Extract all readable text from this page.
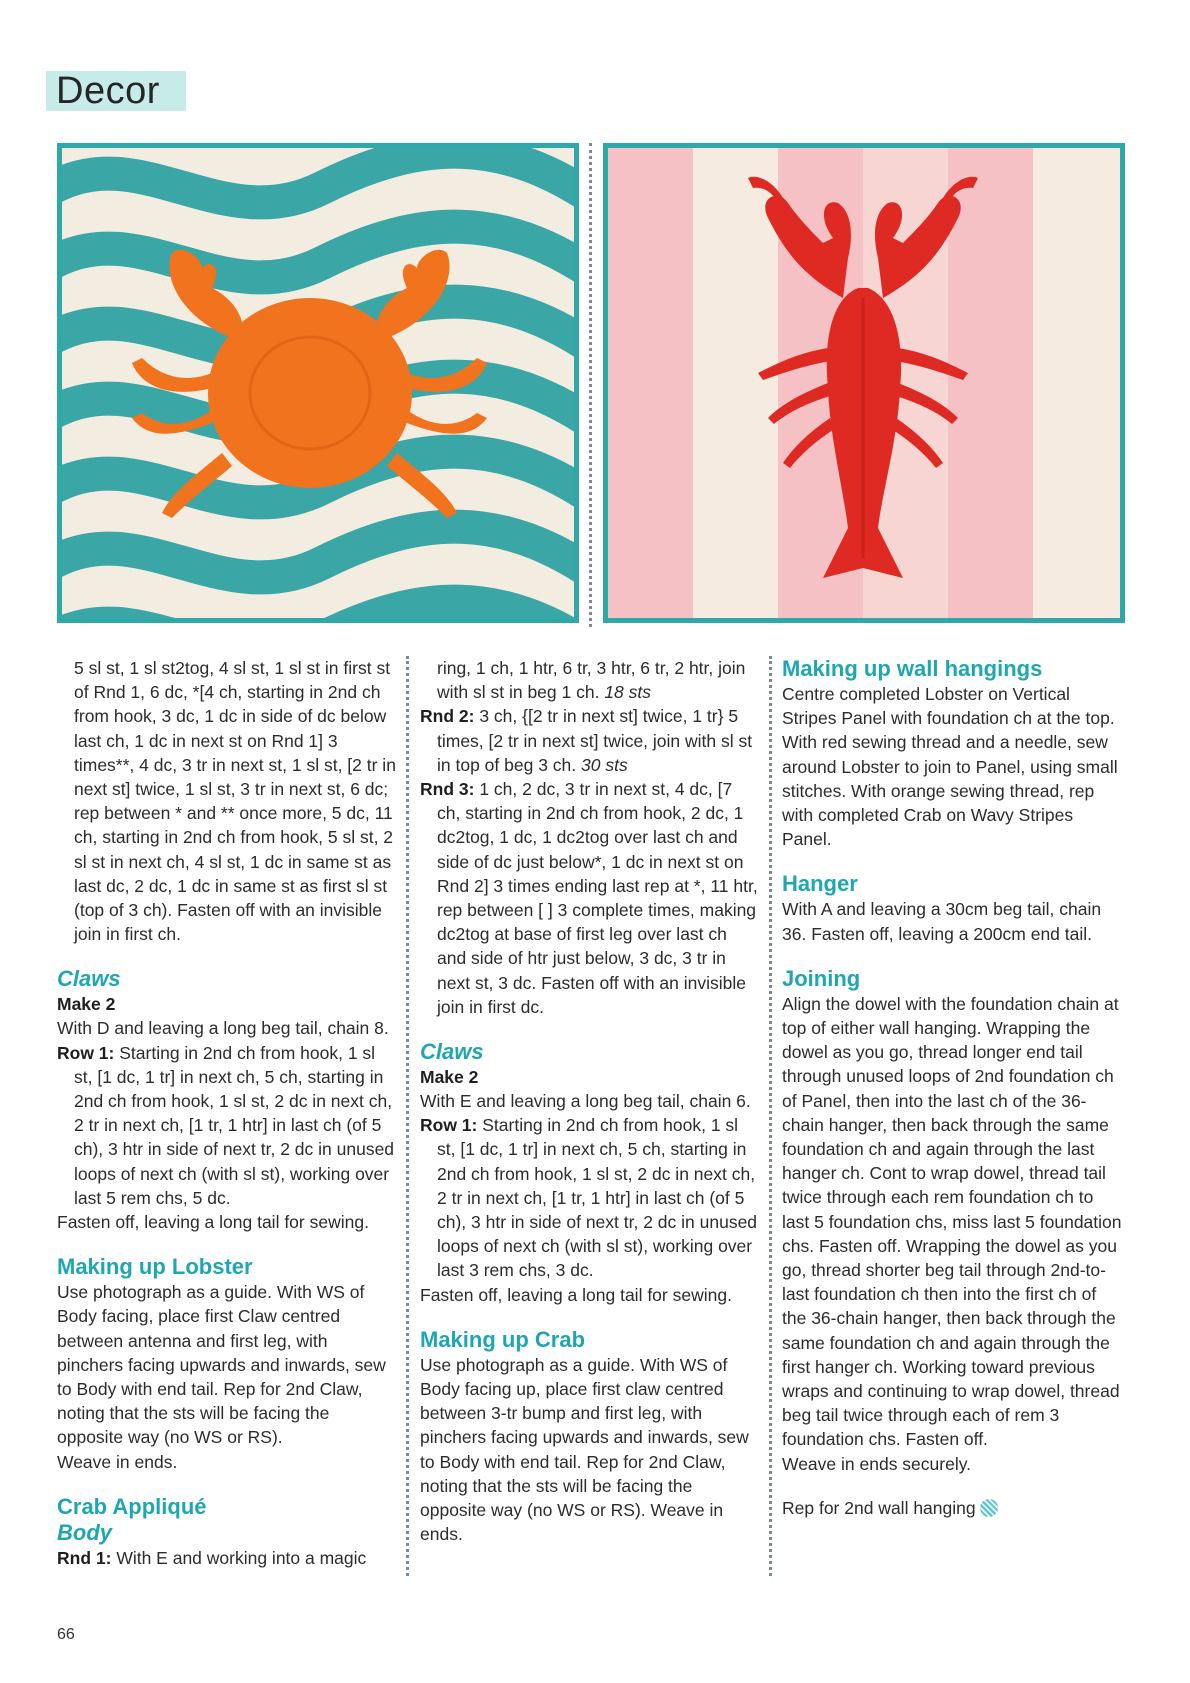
Decor

5 sl st, 1 sl st2tog, 4 sl st, 1 sl st in first st of Rnd 1, 6 dc, *[4 ch, starting in 2nd ch from hook, 3 dc, 1 dc in side of dc below last ch, 1 dc in next st on Rnd 1] 3 times**, 4 dc, 3 tr in next st, 1 sl st, [2 tr in next st] twice, 1 sl st, 3 tr in next st, 6 dc; rep between * and ** once more, 5 dc, 11 ch, starting in 2nd ch from hook, 5 sl st, 2 sl st in next ch, 4 sl st, 1 dc in same st as last dc, 2 dc, 1 dc in same st as first sl st (top of 3 ch). Fasten off with an invisible join in first ch.

Claws
Make 2

With D and leaving a long beg tail, chain 8.

Row 1: Starting in 2nd ch from hook, 1 sl st, [1 dc, 1 tr] in next ch, 5 ch, starting in 2nd ch from hook, 1 sl st, 2 dc in next ch, 2 tr in next ch, [1 tr, 1 htr] in last ch (of 5 ch), 3 htr in side of next tr, 2 dc in unused loops of next ch (with sl st), working over last 5 rem chs, 5 dc.

Fasten off, leaving a long tail for sewing.

Making up Lobster

Use photograph as a guide. With WS of Body facing, place first Claw centred between antenna and first leg, with pinchers facing upwards and inwards, sew to Body with end tail. Rep for 2nd Claw, noting that the sts will be facing the opposite way (no WS or RS).

Weave in ends.

Crab Appliqué
Body

Rnd 1: With E and working into a magic

ring, 1 ch, 1 htr, 6 tr, 3 htr, 6 tr, 2 htr, join with sl st in beg 1 ch. 18 sts

Rnd 2: 3 ch, {[2 tr in next st] twice, 1 tr} 5 times, [2 tr in next st] twice, join with sl st in top of beg 3 ch. 30 sts

Rnd 3: 1 ch, 2 dc, 3 tr in next st, 4 dc, [7 ch, starting in 2nd ch from hook, 2 dc, 1 dc2tog, 1 dc, 1 dc2tog over last ch and side of dc just below*, 1 dc in next st on Rnd 2] 3 times ending last rep at *, 11 htr, rep between [ ] 3 complete times, making dc2tog at base of first leg over last ch and side of htr just below, 3 dc, 3 tr in next st, 3 dc. Fasten off with an invisible join in first dc.

Claws
Make 2

With E and leaving a long beg tail, chain 6.

Row 1: Starting in 2nd ch from hook, 1 sl st, [1 dc, 1 tr] in next ch, 5 ch, starting in 2nd ch from hook, 1 sl st, 2 dc in next ch, 2 tr in next ch, [1 tr, 1 htr] in last ch (of 5 ch), 3 htr in side of next tr, 2 dc in unused loops of next ch (with sl st), working over last 3 rem chs, 3 dc.

Fasten off, leaving a long tail for sewing.

Making up Crab

Use photograph as a guide. With WS of Body facing up, place first claw centred between 3-tr bump and first leg, with pinchers facing upwards and inwards, sew to Body with end tail. Rep for 2nd Claw, noting that the sts will be facing the opposite way (no WS or RS). Weave in ends.

Making up wall hangings

Centre completed Lobster on Vertical Stripes Panel with foundation ch at the top. With red sewing thread and a needle, sew around Lobster to join to Panel, using small stitches. With orange sewing thread, rep with completed Crab on Wavy Stripes Panel.

Hanger

With A and leaving a 30cm beg tail, chain 36. Fasten off, leaving a 200cm end tail.

Joining

Align the dowel with the foundation chain at top of either wall hanging. Wrapping the dowel as you go, thread longer end tail through unused loops of 2nd foundation ch of Panel, then into the last ch of the 36-chain hanger, then back through the same foundation ch and again through the last hanger ch. Cont to wrap dowel, thread tail twice through each rem foundation ch to last 5 foundation chs, miss last 5 foundation chs. Fasten off. Wrapping the dowel as you go, thread shorter beg tail through 2nd-to-last foundation ch then into the first ch of the 36-chain hanger, then back through the same foundation ch and again through the first hanger ch. Working toward previous wraps and continuing to wrap dowel, thread beg tail twice through each of rem 3 foundation chs. Fasten off.

Weave in ends securely.

Rep for 2nd wall hanging

66
